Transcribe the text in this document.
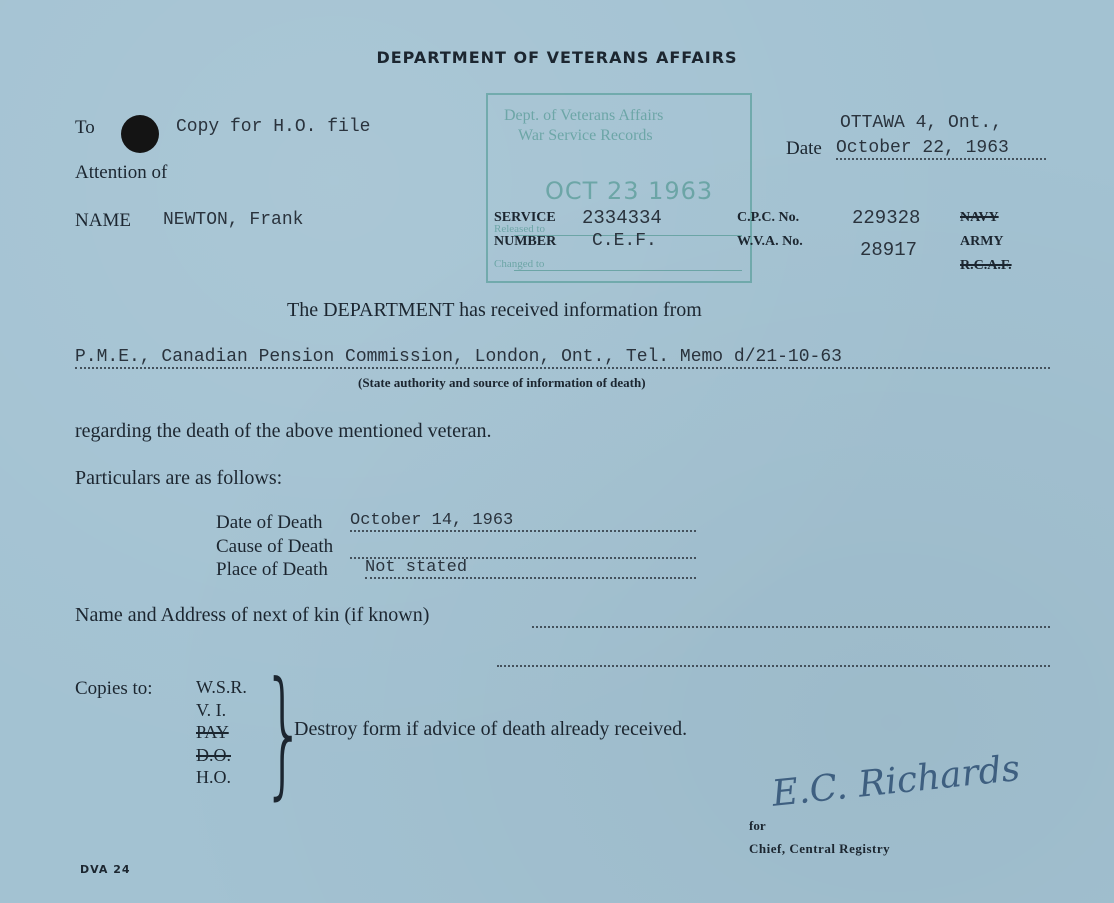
DEPARTMENT OF VETERANS AFFAIRS
To	Copy for H.O. file
Attention of
NAME NEWTON, Frank
Dept. of Veterans Affairs
War Service Records
OCT 23 1963
Released to
Changed to
SERVICE 2334334
NUMBER C.E.F.
C.P.C. No.	229328
W.V.A. No.	28917
NAVY
ARMY
R.C.A.F.
OTTAWA 4, Ont.,
Date October 22, 1963
The DEPARTMENT has received information from
P.M.E., Canadian Pension Commission, London, Ont., Tel. Memo d/21-10-63
(State authority and source of information of death)
regarding the death of the above mentioned veteran.
Particulars are as follows:
Date of Death October 14, 1963
Cause of Death
Place of Death Not stated
Name and Address of next of kin (if known)
Copies to: W.S.R.
V. I.
PAY
D.O.
H.O. }
Destroy form if advice of death already received.
E.C. Richards
for
Chief, Central Registry
DVA 24
